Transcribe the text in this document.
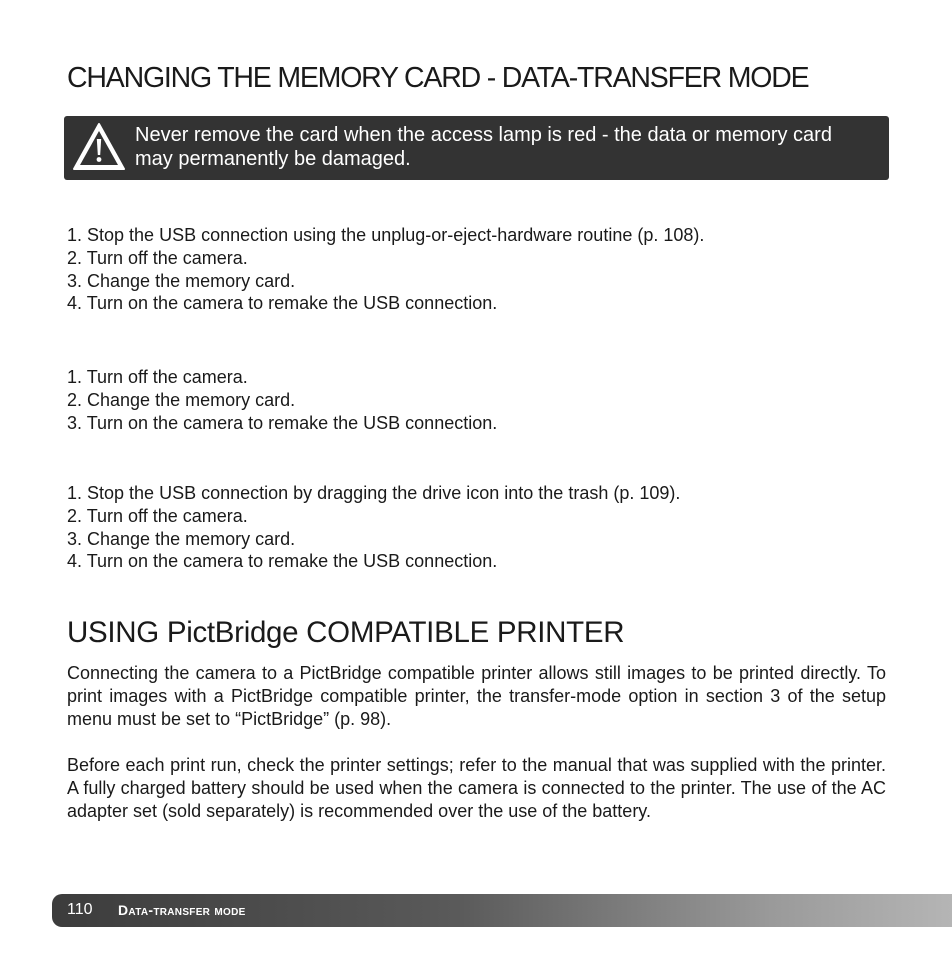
CHANGING THE MEMORY CARD - DATA-TRANSFER MODE
Never remove the card when the access lamp is red - the data or memory card may permanently be damaged.
1. Stop the USB connection using the unplug-or-eject-hardware routine (p. 108).
2. Turn off the camera.
3. Change the memory card.
4. Turn on the camera to remake the USB connection.
1. Turn off the camera.
2. Change the memory card.
3. Turn on the camera to remake the USB connection.
1. Stop the USB connection by dragging the drive icon into the trash (p. 109).
2. Turn off the camera.
3. Change the memory card.
4. Turn on the camera to remake the USB connection.
USING PictBridge COMPATIBLE PRINTER

Connecting the camera to a PictBridge compatible printer allows still images to be printed directly. To print images with a PictBridge compatible printer, the transfer-mode option in section 3 of the setup menu must be set to “PictBridge” (p. 98).

Before each print run, check the printer settings; refer to the manual that was supplied with the printer. A fully charged battery should be used when the camera is connected to the printer. The use of the AC adapter set (sold separately) is recommended over the use of the battery.

110 Data-transfer mode
